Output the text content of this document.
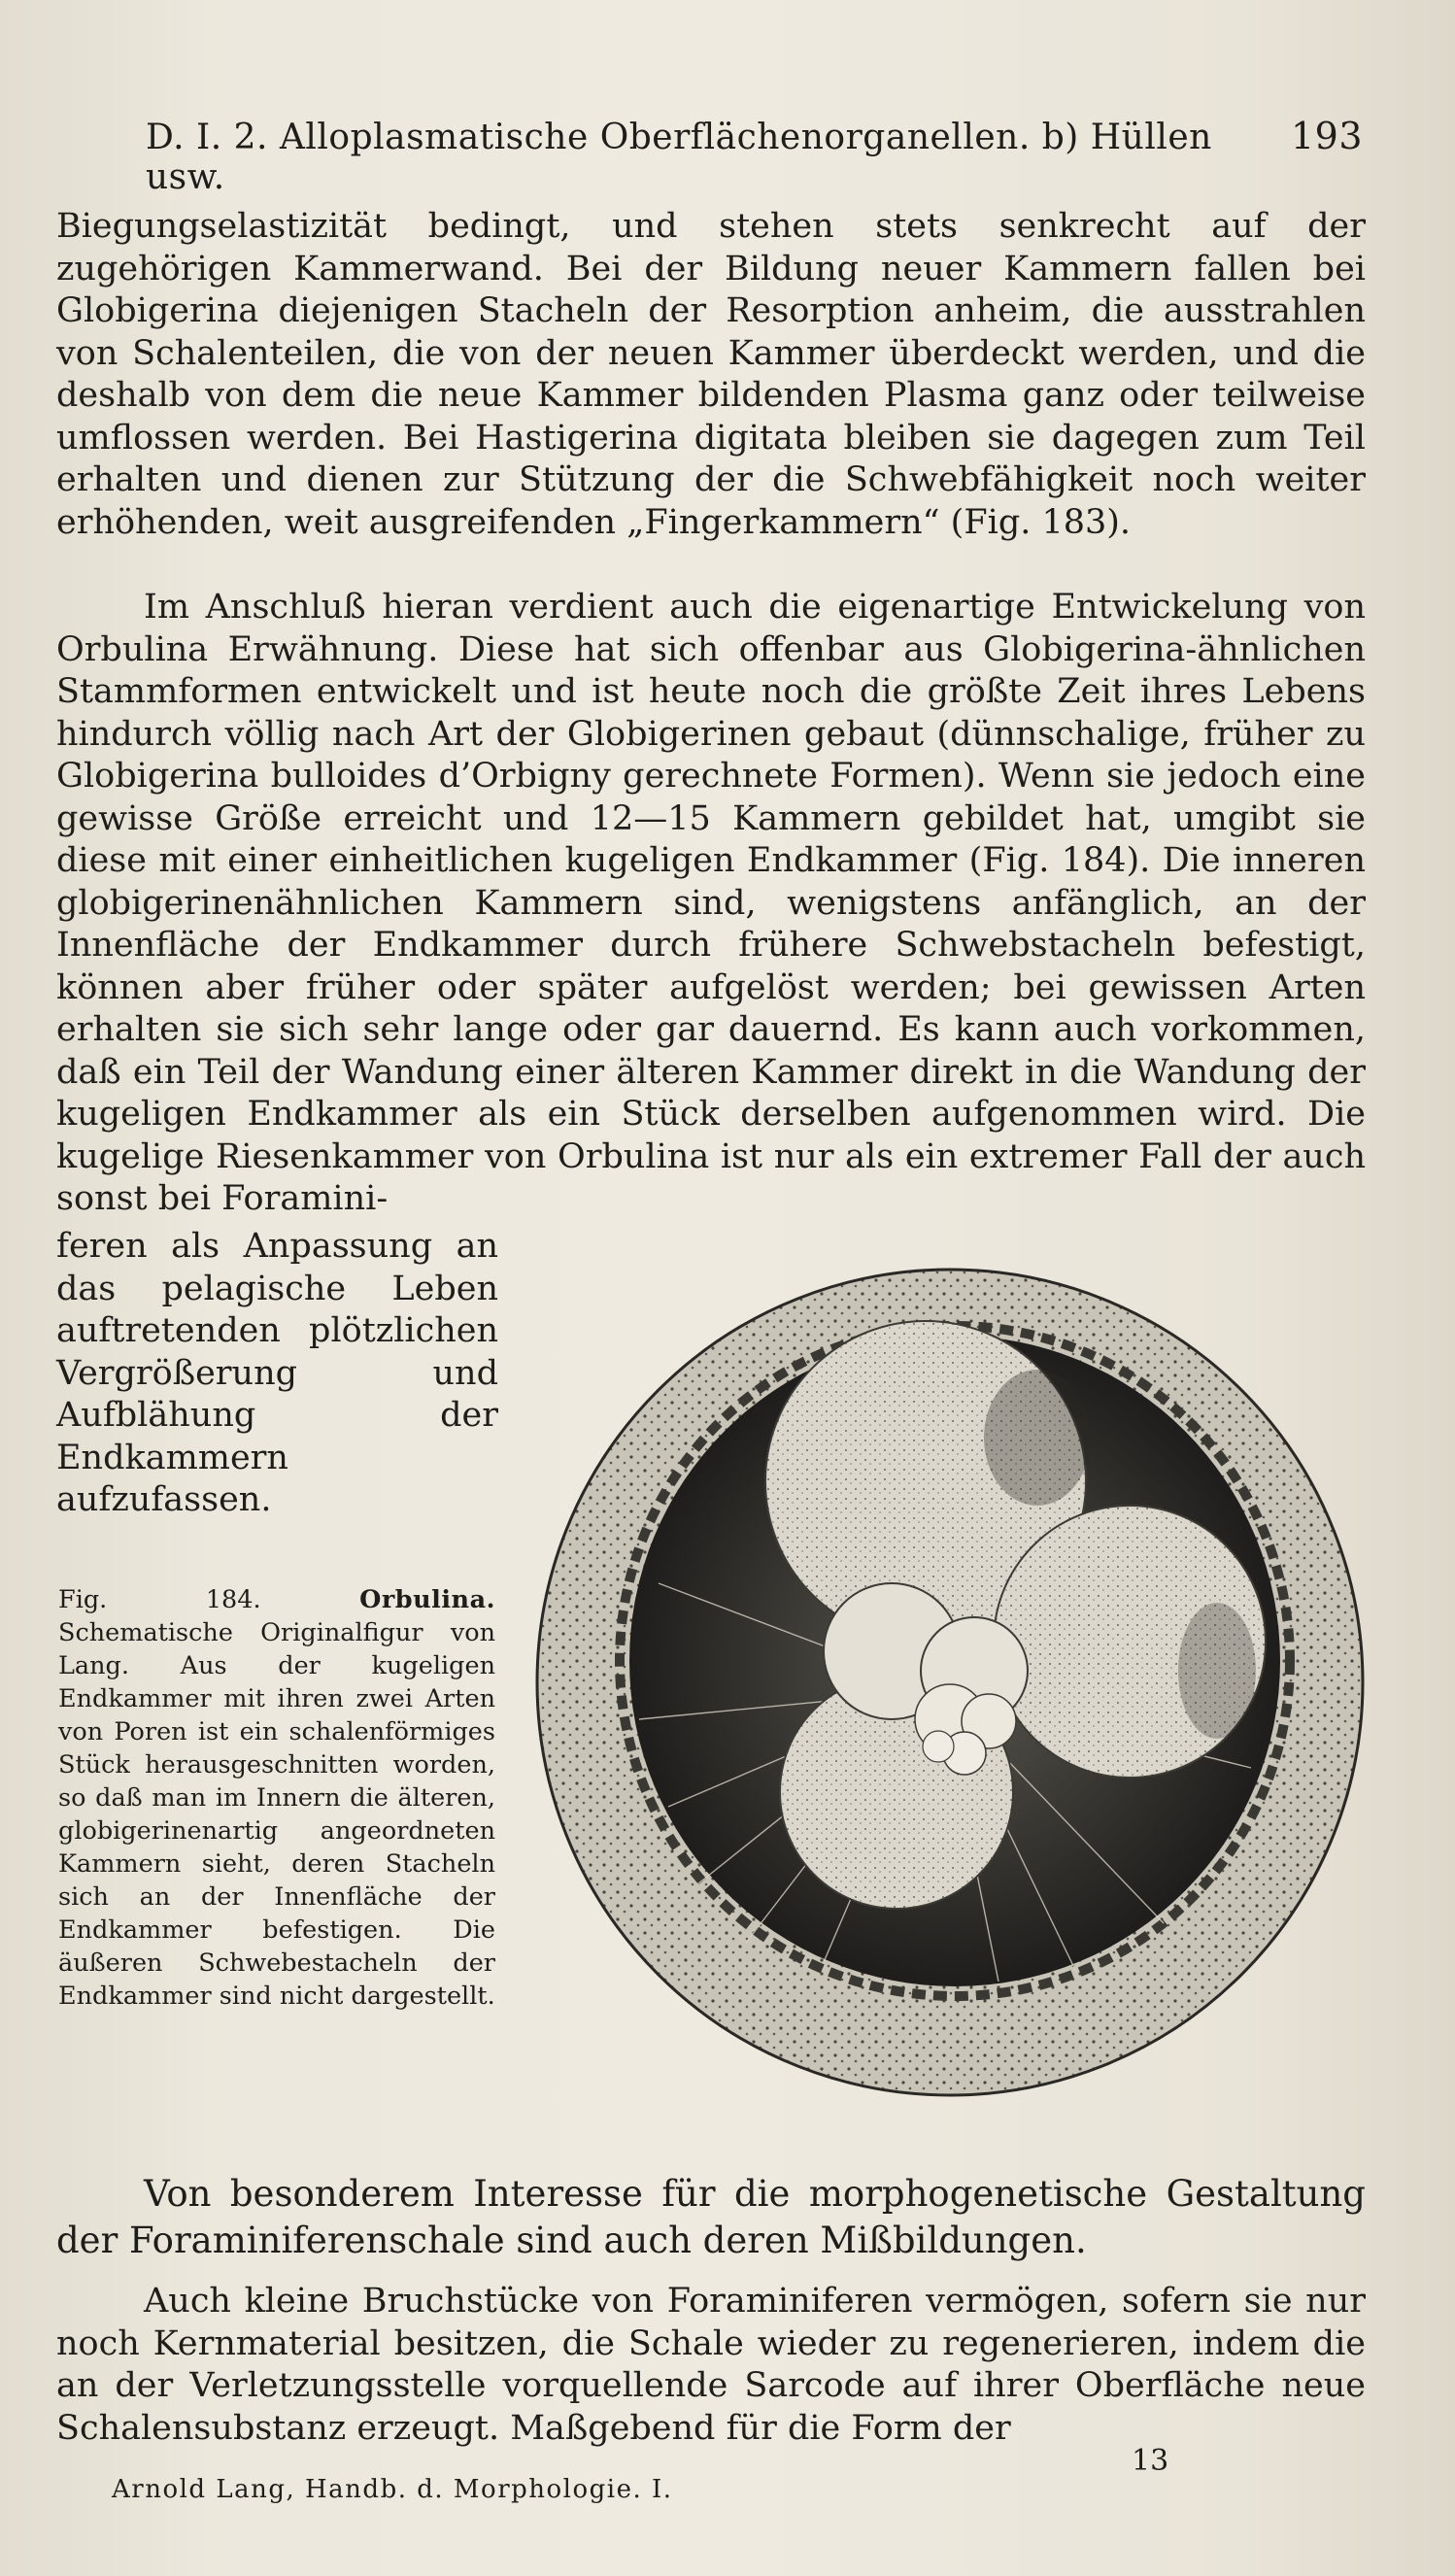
D. I. 2. Alloplasmatische Oberflächenorganellen. b) Hüllen usw.
193
Biegungselastizität bedingt, und stehen stets senkrecht auf der zugehörigen Kammerwand. Bei der Bildung neuer Kammern fallen bei Globigerina diejenigen Stacheln der Resorption anheim, die ausstrahlen von Schalenteilen, die von der neuen Kammer überdeckt werden, und die deshalb von dem die neue Kammer bildenden Plasma ganz oder teilweise umflossen werden. Bei Hastigerina digitata bleiben sie dagegen zum Teil erhalten und dienen zur Stützung der die Schwebfähigkeit noch weiter erhöhenden, weit ausgreifenden „Fingerkammern“ (Fig. 183).
Im Anschluß hieran verdient auch die eigenartige Entwickelung von Orbulina Erwähnung. Diese hat sich offenbar aus Globigerina-ähnlichen Stammformen entwickelt und ist heute noch die größte Zeit ihres Lebens hindurch völlig nach Art der Globigerinen gebaut (dünnschalige, früher zu Globigerina bulloides d’Orbigny gerechnete Formen). Wenn sie jedoch eine gewisse Größe erreicht und 12—15 Kammern gebildet hat, umgibt sie diese mit einer einheitlichen kugeligen Endkammer (Fig. 184). Die inneren globigerinenähnlichen Kammern sind, wenigstens anfänglich, an der Innenfläche der Endkammer durch frühere Schwebstacheln befestigt, können aber früher oder später aufgelöst werden; bei gewissen Arten erhalten sie sich sehr lange oder gar dauernd. Es kann auch vorkommen, daß ein Teil der Wandung einer älteren Kammer direkt in die Wandung der kugeligen Endkammer als ein Stück derselben aufgenommen wird. Die kugelige Riesenkammer von Orbulina ist nur als ein extremer Fall der auch sonst bei Foramini-
feren als Anpassung an das pelagische Leben auftretenden plötzlichen Vergrößerung und Aufblähung der Endkammern aufzufassen.
Fig. 184.	Orbulina. Schematische Originalfigur von Lang. Aus der kugeligen Endkammer mit ihren zwei Arten von Poren ist ein schalenförmiges Stück herausgeschnitten worden, so daß man im Innern die älteren, globigerinenartig angeordneten Kammern sieht, deren Stacheln sich an der Innenfläche der Endkammer befestigen. Die äußeren Schwebestacheln der Endkammer sind nicht dargestellt.
Von besonderem Interesse für die morphogenetische Gestaltung der Foraminiferenschale sind auch deren Mißbildungen.
Auch kleine Bruchstücke von Foraminiferen vermögen, sofern sie nur noch Kernmaterial besitzen, die Schale wieder zu regenerieren, indem die an der Verletzungsstelle vorquellende Sarcode auf ihrer Oberfläche neue Schalensubstanz erzeugt. Maßgebend für die Form der
13
Arnold Lang, Handb. d. Morphologie. I.
